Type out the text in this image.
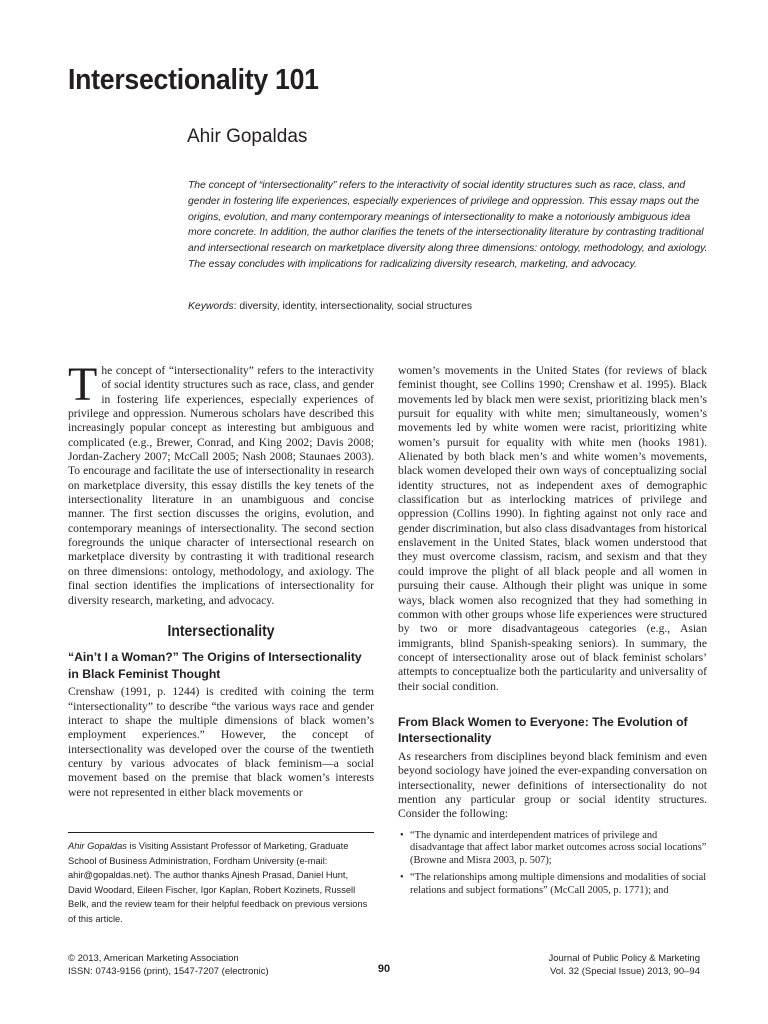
Intersectionality 101
Ahir Gopaldas
The concept of “intersectionality” refers to the interactivity of social identity structures such as race, class, and gender in fostering life experiences, especially experiences of privilege and oppression. This essay maps out the origins, evolution, and many contemporary meanings of intersectionality to make a notoriously ambiguous idea more concrete. In addition, the author clarifies the tenets of the intersectionality literature by contrasting traditional and intersectional research on marketplace diversity along three dimensions: ontology, methodology, and axiology. The essay concludes with implications for radicalizing diversity research, marketing, and advocacy.
Keywords: diversity, identity, intersectionality, social structures

The concept of “intersectionality” refers to the interactivity of social identity structures such as race, class, and gender in fostering life experiences, especially experiences of privilege and oppression. Numerous scholars have described this increasingly popular concept as interesting but ambiguous and complicated (e.g., Brewer, Conrad, and King 2002; Davis 2008; Jordan-Zachery 2007; McCall 2005; Nash 2008; Staunaes 2003). To encourage and facilitate the use of intersectionality in research on marketplace diversity, this essay distills the key tenets of the intersectionality literature in an unambiguous and concise manner. The first section discusses the origins, evolution, and contemporary meanings of intersectionality. The second section foregrounds the unique character of intersectional research on marketplace diversity by contrasting it with traditional research on three dimensions: ontology, methodology, and axiology. The final section identifies the implications of intersectionality for diversity research, marketing, and advocacy.

Intersectionality
“Ain’t I a Woman?” The Origins of Intersectionality in Black Feminist Thought

Crenshaw (1991, p. 1244) is credited with coining the term “intersectionality” to describe “the various ways race and gender interact to shape the multiple dimensions of black women’s employment experiences.” However, the concept of intersectionality was developed over the course of the twentieth century by various advocates of black feminism—a social movement based on the premise that black women’s interests were not represented in either black movements or

women’s movements in the United States (for reviews of black feminist thought, see Collins 1990; Crenshaw et al. 1995). Black movements led by black men were sexist, prioritizing black men’s pursuit for equality with white men; simultaneously, women’s movements led by white women were racist, prioritizing white women’s pursuit for equality with white men (hooks 1981). Alienated by both black men’s and white women’s movements, black women developed their own ways of conceptualizing social identity structures, not as independent axes of demographic classification but as interlocking matrices of privilege and oppression (Collins 1990). In fighting against not only race and gender discrimination, but also class disadvantages from historical enslavement in the United States, black women understood that they must overcome classism, racism, and sexism and that they could improve the plight of all black people and all women in pursuing their cause. Although their plight was unique in some ways, black women also recognized that they had something in common with other groups whose life experiences were structured by two or more disadvantageous categories (e.g., Asian immigrants, blind Spanish-speaking seniors). In summary, the concept of intersectionality arose out of black feminist scholars’ attempts to conceptualize both the particularity and universality of their social condition.

From Black Women to Everyone: The Evolution of Intersectionality

As researchers from disciplines beyond black feminism and even beyond sociology have joined the ever-expanding conversation on intersectionality, newer definitions of intersectionality do not mention any particular group or social identity structures. Consider the following:

• “The dynamic and interdependent matrices of privilege and disadvantage that affect labor market outcomes across social locations” (Browne and Misra 2003, p. 507);
• “The relationships among multiple dimensions and modalities of social relations and subject formations” (McCall 2005, p. 1771); and
Ahir Gopaldas is Visiting Assistant Professor of Marketing, Graduate School of Business Administration, Fordham University (e-mail: ahir@gopaldas.net). The author thanks Ajnesh Prasad, Daniel Hunt, David Woodard, Eileen Fischer, Igor Kaplan, Robert Kozinets, Russell Belk, and the review team for their helpful feedback on previous versions of this article.
© 2013, American Marketing Association
ISSN: 0743-9156 (print), 1547-7207 (electronic)	90
Journal of Public Policy & Marketing
Vol. 32 (Special Issue) 2013, 90–94
